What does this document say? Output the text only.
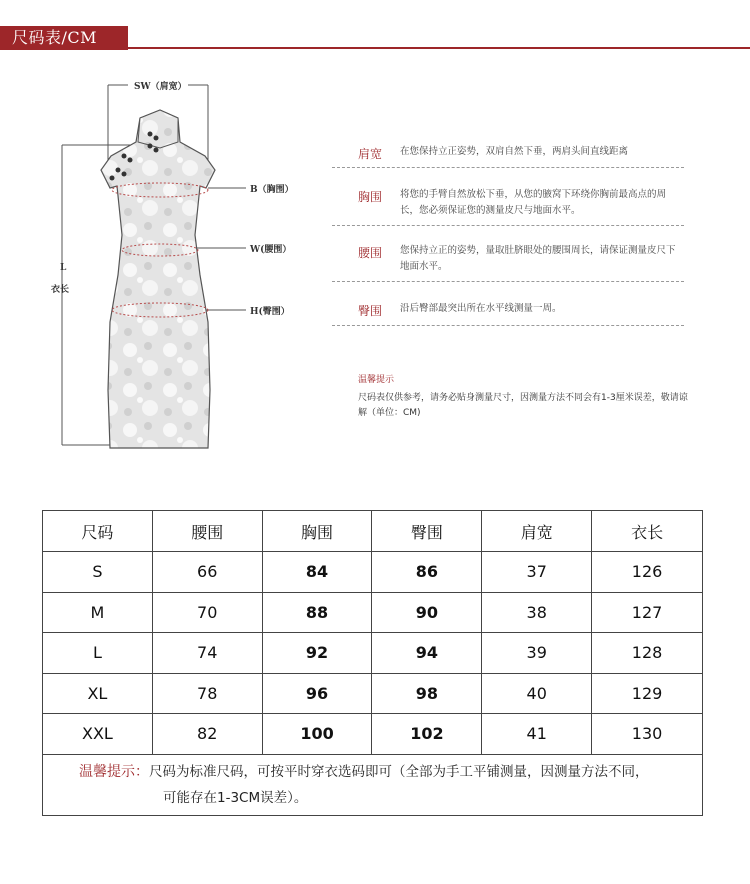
尺码表/CM
SW（肩宽）
B（胸围）
W(腰围）
H(臀围）
L
衣长
肩宽 在您保持立正姿势，双肩自然下垂，两肩头间直线距离
胸围 将您的手臂自然放松下垂，从您的腋窝下环绕你胸前最高点的周长，您必须保证您的测量皮尺与地面水平。
腰围 您保持立正的姿势，量取肚脐眼处的腰围周长，请保证测量皮尺下地面水平。
臀围 沿后臀部最突出所在水平线测量一周。
温馨提示
尺码表仅供参考，请务必贴身测量尺寸，因测量方法不同会有1-3厘米误差，敬请谅解（单位：CM)
尺码	腰围	胸围	臀围	肩宽	衣长
S	66	84	86	37	126
M	70	88	90	38	127
L	74	92	94	39	128
XL	78	96	98	40	129
XXL	82	100	102	41	130
温馨提示：尺码为标准尺码，可按平时穿衣选码即可（全部为手工平铺测量，因测量方法不同，
可能存在1-3CM误差）。					
